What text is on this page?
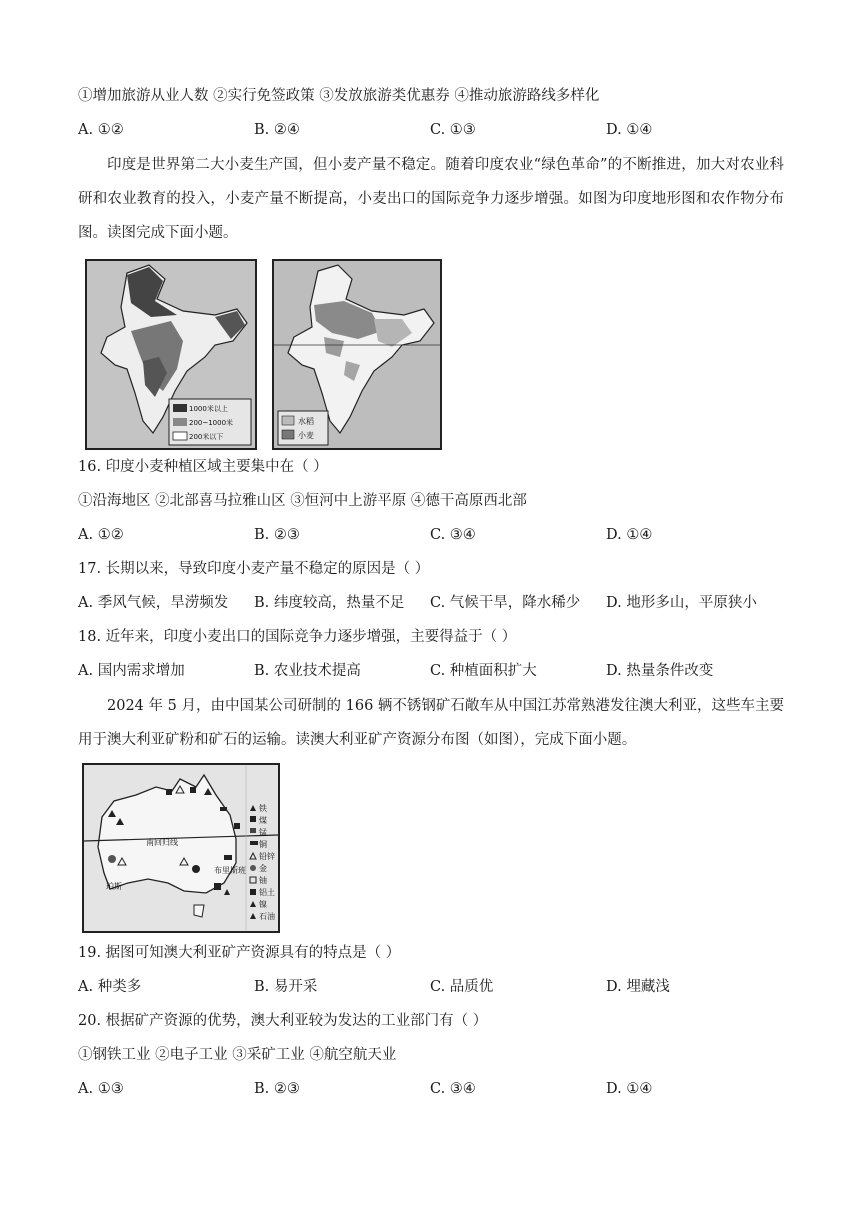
①增加旅游从业人数 ②实行免签政策 ③发放旅游类优惠券 ④推动旅游路线多样化
A. ①②	B. ②④	C. ①③	D. ①④
印度是世界第二大小麦生产国，但小麦产量不稳定。随着印度农业“绿色革命”的不断推进，加大对农业科研和农业教育的投入，小麦产量不断提高，小麦出口的国际竞争力逐步增强。如图为印度地形图和农作物分布图。读图完成下面小题。
1000米以上
200~1000米
200米以下
水稻
小麦
16. 印度小麦种植区域主要集中在（ ）
①沿海地区 ②北部喜马拉雅山区 ③恒河中上游平原 ④德干高原西北部
A. ①②	B. ②③	C. ③④	D. ①④
17. 长期以来，导致印度小麦产量不稳定的原因是（ ）
A. 季风气候，旱涝频发 B. 纬度较高，热量不足 C. 气候干旱，降水稀少 D. 地形多山，平原狭小
18. 近年来，印度小麦出口的国际竞争力逐步增强，主要得益于（ ）
A. 国内需求增加	B. 农业技术提高	C. 种植面积扩大	D. 热量条件改变
2024 年 5 月，由中国某公司研制的 166 辆不锈钢矿石敞车从中国江苏常熟港发往澳大利亚，这些车主要用于澳大利亚矿粉和矿石的运输。读澳大利亚矿产资源分布图（如图），完成下面小题。
南回归线
珀斯
布里斯班
铁
煤
锰
铜
铅锌
金
铀
铝土
镍
石油
19. 据图可知澳大利亚矿产资源具有的特点是（ ）
A. 种类多	B. 易开采	C. 品质优	D. 埋藏浅
20. 根据矿产资源的优势，澳大利亚较为发达的工业部门有（ ）
①钢铁工业 ②电子工业 ③采矿工业 ④航空航天业
A. ①③	B. ②③	C. ③④	D. ①④
